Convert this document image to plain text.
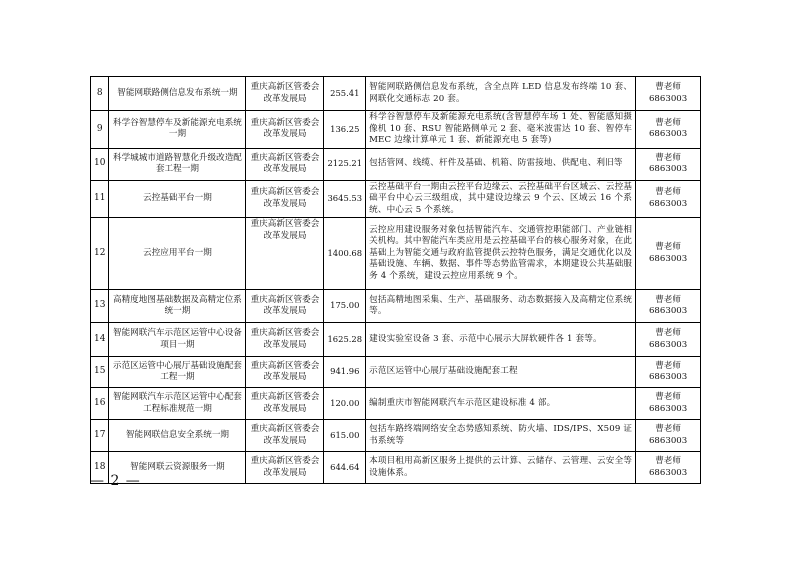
8	智能网联路侧信息发布系统一期	重庆高新区管委会改革发展局	255.41	智能网联路侧信息发布系统，含全点阵 LED 信息发布终端 10 套、网联化交通标志 20 套。	曹老师
6863003

9	科学谷智慧停车及新能源充电系统一期	重庆高新区管委会改革发展局	136.25	科学谷智慧停车及新能源充电系统(含智慧停车场 1 处、智能感知摄像机 10 套、RSU 智能路侧单元 2 套、毫米波雷达 10 套、智停车 MEC 边缘计算单元 1 套、新能源充电 5 套等)	曹老师
6863003

10	科学城城市道路智慧化升级改造配套工程一期	重庆高新区管委会改革发展局	2125.21	包括管网、线缆、杆件及基础、机箱、防雷接地、供配电、利旧等	曹老师
6863003

11	云控基础平台一期	重庆高新区管委会改革发展局	3645.53	云控基础平台一期由云控平台边缘云、云控基础平台区域云、云控基础平台中心云三级组成，其中建设边缘云 9 个云、区域云 16 个系统、中心云 5 个系统。	曹老师
6863003

12	云控应用平台一期	重庆高新区管委会改革发展局	1400.68	云控应用建设服务对象包括智能汽车、交通管控职能部门、产业链相关机构。其中智能汽车类应用是云控基础平台的核心服务对象，在此基础上为智能交通与政府监管提供云控特色服务，满足交通优化以及基础设施、车辆、数据、事件等态势监管需求，本期建设公共基础服务 4 个系统，建设云控应用系统 9 个。	曹老师
6863003

13	高精度地图基础数据及高精定位系统一期	重庆高新区管委会改革发展局	175.00	包括高精地图采集、生产、基础服务、动态数据接入及高精定位系统等。	曹老师
6863003

14	智能网联汽车示范区运管中心设备项目一期	重庆高新区管委会改革发展局	1625.28	建设实验室设备 3 套、示范中心展示大屏软硬件各 1 套等。	曹老师
6863003

15	示范区运管中心展厅基础设施配套工程一期	重庆高新区管委会改革发展局	941.96	示范区运管中心展厅基础设施配套工程	曹老师
6863003

16	智能网联汽车示范区运管中心配套工程标准规范一期	重庆高新区管委会改革发展局	120.00	编制重庆市智能网联汽车示范区建设标准 4 部。	曹老师
6863003

17	智能网联信息安全系统一期	重庆高新区管委会改革发展局	615.00	包括车路终端网络安全态势感知系统、防火墙、IDS/IPS、X509 证书系统等	曹老师
6863003

18	智能网联云资源服务一期	重庆高新区管委会改革发展局	644.64	本项目租用高新区服务上提供的云计算、云储存、云管理、云安全等设施体系。	曹老师
6863003
— 2 —
